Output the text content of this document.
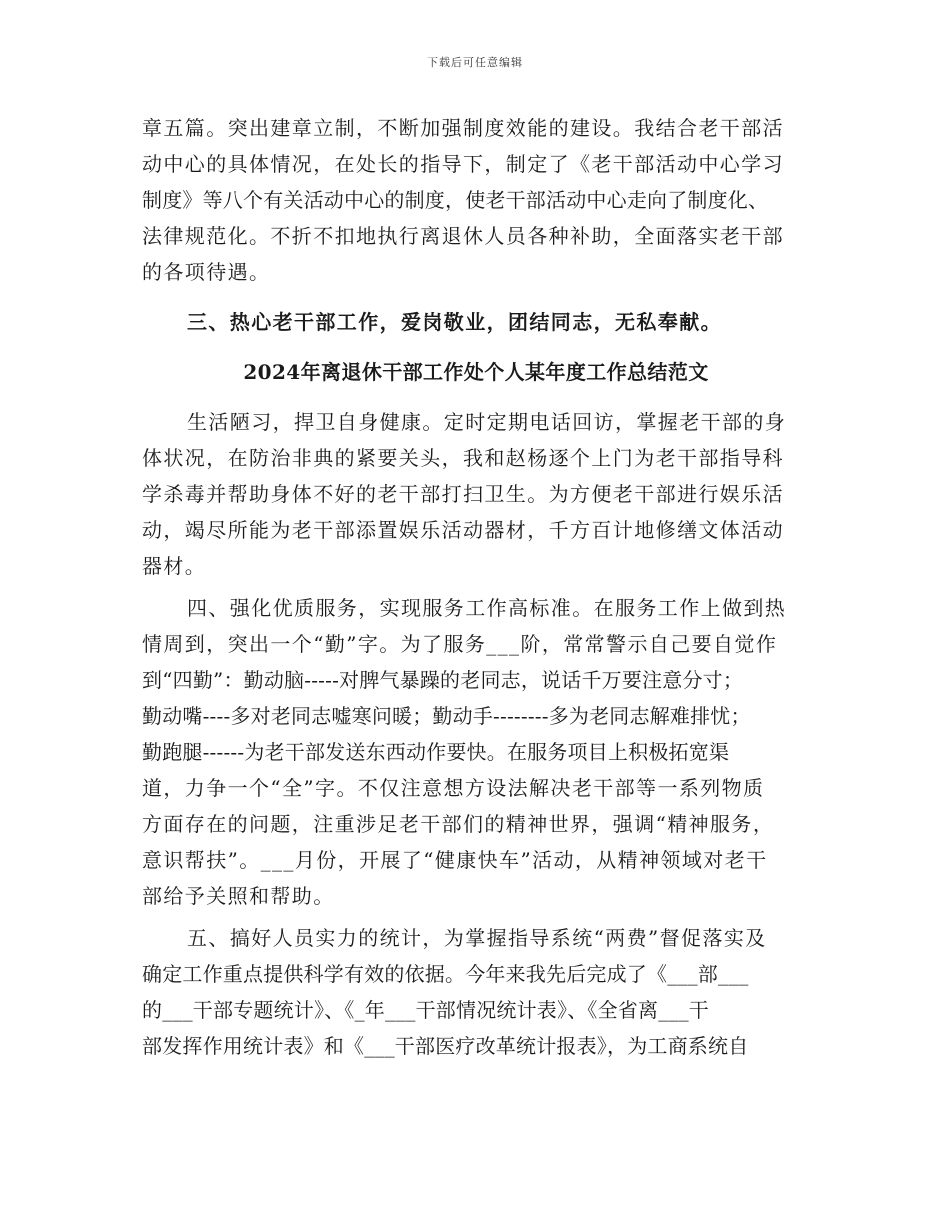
下载后可任意编辑
章五篇。突出建章立制，不断加强制度效能的建设。我结合老干部活
动中心的具体情况，在处长的指导下，制定了《老干部活动中心学习
制度》等八个有关活动中心的制度，使老干部活动中心走向了制度化、
法律规范化。不折不扣地执行离退休人员各种补助，全面落实老干部
的各项待遇。
三、热心老干部工作，爱岗敬业，团结同志，无私奉献。
2024年离退休干部工作处个人某年度工作总结范文
生活陋习，捍卫自身健康。定时定期电话回访，掌握老干部的身
体状况，在防治非典的紧要关头，我和赵杨逐个上门为老干部指导科
学杀毒并帮助身体不好的老干部打扫卫生。为方便老干部进行娱乐活
动，竭尽所能为老干部添置娱乐活动器材，千方百计地修缮文体活动
器材。
四、强化优质服务，实现服务工作高标准。在服务工作上做到热
情周到，突出一个“勤”字。为了服务___阶，常常警示自己要自觉作
到“四勤”：勤动脑-----对脾气暴躁的老同志，说话千万要注意分寸；
勤动嘴----多对老同志嘘寒问暖；勤动手--------多为老同志解难排忧；
勤跑腿------为老干部发送东西动作要快。在服务项目上积极拓宽渠
道，力争一个“全”字。不仅注意想方设法解决老干部等一系列物质
方面存在的问题，注重涉足老干部们的精神世界，强调“精神服务，
意识帮扶”。___月份，开展了“健康快车”活动，从精神领域对老干
部给予关照和帮助。
五、搞好人员实力的统计，为掌握指导系统“两费”督促落实及
确定工作重点提供科学有效的依据。今年来我先后完成了《___部___
的___干部专题统计》、《_年___干部情况统计表》、《全省离___干
部发挥作用统计表》和《___干部医疗改革统计报表》，为工商系统自
